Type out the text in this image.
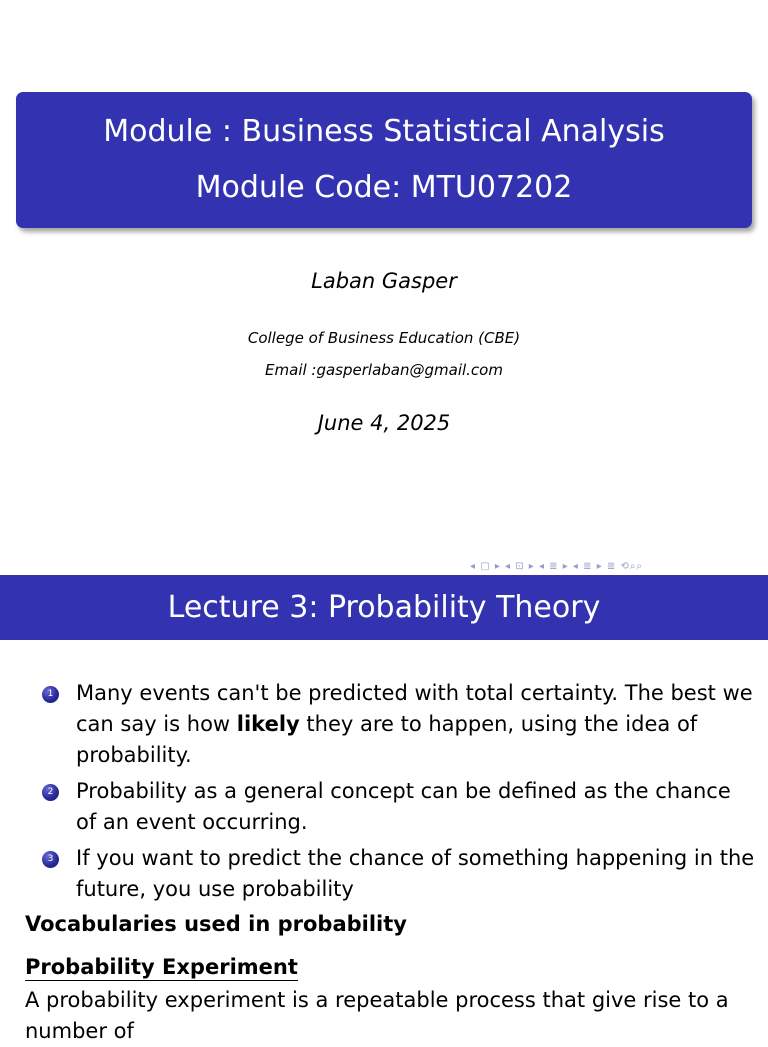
Module : Business Statistical Analysis
Module Code: MTU07202
Laban Gasper
College of Business Education (CBE)
Email :gasperlaban@gmail.com
June 4, 2025
◂ ▢ ▸ ◂ ⊡ ▸ ◂ ≣ ▸ ◂ ≣ ▸ ≣ ⟲⌕⌕
Lecture 3: Probability Theory
1 Many events can't be predicted with total certainty. The best we can say is how likely they are to happen, using the idea of probability.
2 Probability as a general concept can be defined as the chance of an event occurring.
3 If you want to predict the chance of something happening in the future, you use probability
Vocabularies used in probability
Probability Experiment
A probability experiment is a repeatable process that give rise to a number of
